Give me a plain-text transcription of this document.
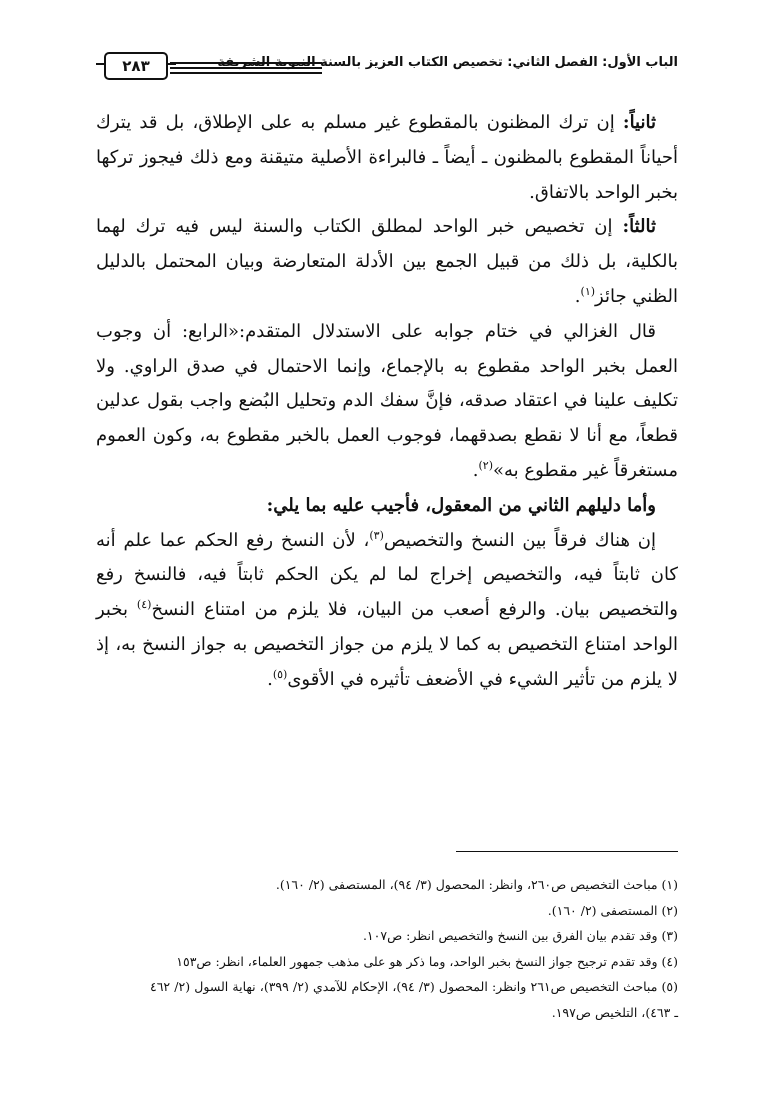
الباب الأول: الفصل الثاني: تخصيص الكتاب العزيز بالسنة النبوية الشريفة
٢٨٣

ثانياً: إن ترك المظنون بالمقطوع غير مسلم به على الإطلاق، بل قد يترك أحياناً المقطوع بالمظنون ـ أيضاً ـ فالبراءة الأصلية متيقنة ومع ذلك فيجوز تركها بخبر الواحد بالاتفاق.

ثالثاً: إن تخصيص خبر الواحد لمطلق الكتاب والسنة ليس فيه ترك لهما بالكلية، بل ذلك من قبيل الجمع بين الأدلة المتعارضة وبيان المحتمل بالدليل الظني جائز$^{(١)}$.

قال الغزالي في ختام جوابه على الاستدلال المتقدم:«الرابع: أن وجوب العمل بخبر الواحد مقطوع به بالإجماع، وإنما الاحتمال في صدق الراوي. ولا تكليف علينا في اعتقاد صدقه، فإنَّ سفك الدم وتحليل البُضع واجب بقول عدلين قطعاً، مع أنا لا نقطع بصدقهما، فوجوب العمل بالخبر مقطوع به، وكون العموم مستغرقاً غير مقطوع به»$^{(٢)}$.

وأما دليلهم الثاني من المعقول، فأجيب عليه بما يلي:

إن هناك فرقاً بين النسخ والتخصيص$^{(٣)}$، لأن النسخ رفع الحكم عما علم أنه كان ثابتاً فيه، والتخصيص إخراج لما لم يكن الحكم ثابتاً فيه، فالنسخ رفع والتخصيص بيان. والرفع أصعب من البيان، فلا يلزم من امتناع النسخ$^{(٤)}$ بخبر الواحد امتناع التخصيص به كما لا يلزم من جواز التخصيص به جواز النسخ به، إذ لا يلزم من تأثير الشيء في الأضعف تأثيره في الأقوى$^{(٥)}$.

(١) مباحث التخصيص ص٢٦٠، وانظر: المحصول (٣/ ٩٤)، المستصفى (٢/ ١٦٠).

(٢) المستصفى (٢/ ١٦٠).

(٣) وقد تقدم بيان الفرق بين النسخ والتخصيص انظر: ص١٠٧.

(٤) وقد تقدم ترجيح جواز النسخ بخبر الواحد، وما ذكر هو على مذهب جمهور العلماء، انظر: ص١٥٣

(٥) مباحث التخصيص ص٢٦١ وانظر: المحصول (٣/ ٩٤)، الإحكام للآمدي (٢/ ٣٩٩)، نهاية السول (٢/ ٤٦٢ ـ ٤٦٣)، التلخيص ص١٩٧.
